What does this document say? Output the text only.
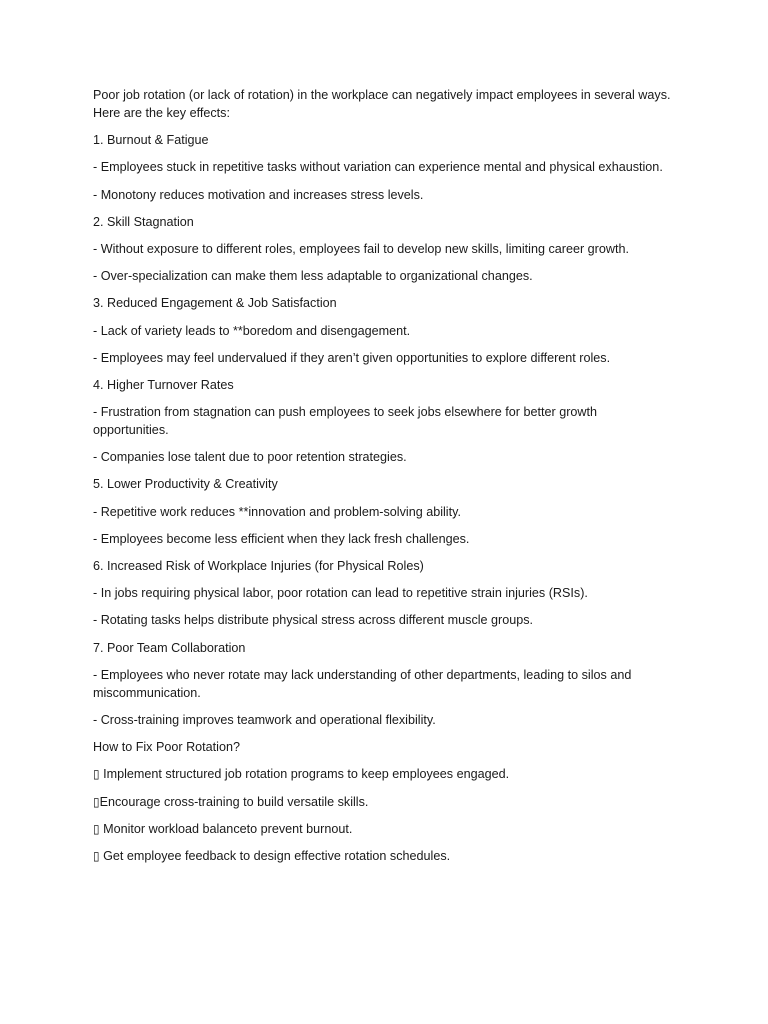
Poor job rotation (or lack of rotation) in the workplace can negatively impact employees in several ways. Here are the key effects:

1. Burnout & Fatigue

- Employees stuck in repetitive tasks without variation can experience mental and physical exhaustion.

- Monotony reduces motivation and increases stress levels.

2. Skill Stagnation

- Without exposure to different roles, employees fail to develop new skills, limiting career growth.

- Over-specialization can make them less adaptable to organizational changes.

3. Reduced Engagement & Job Satisfaction

- Lack of variety leads to **boredom and disengagement.

- Employees may feel undervalued if they aren’t given opportunities to explore different roles.

4. Higher Turnover Rates

- Frustration from stagnation can push employees to seek jobs elsewhere for better growth opportunities.

- Companies lose talent due to poor retention strategies.

5. Lower Productivity & Creativity

- Repetitive work reduces **innovation and problem-solving ability.

- Employees become less efficient when they lack fresh challenges.

6. Increased Risk of Workplace Injuries (for Physical Roles)

- In jobs requiring physical labor, poor rotation can lead to repetitive strain injuries (RSIs).

- Rotating tasks helps distribute physical stress across different muscle groups.

7. Poor Team Collaboration

- Employees who never rotate may lack understanding of other departments, leading to silos and miscommunication.

- Cross-training improves teamwork and operational flexibility.

How to Fix Poor Rotation?

▯ Implement structured job rotation programs to keep employees engaged.

▯Encourage cross-training to build versatile skills.

▯ Monitor workload balanceto prevent burnout.

▯ Get employee feedback to design effective rotation schedules.
